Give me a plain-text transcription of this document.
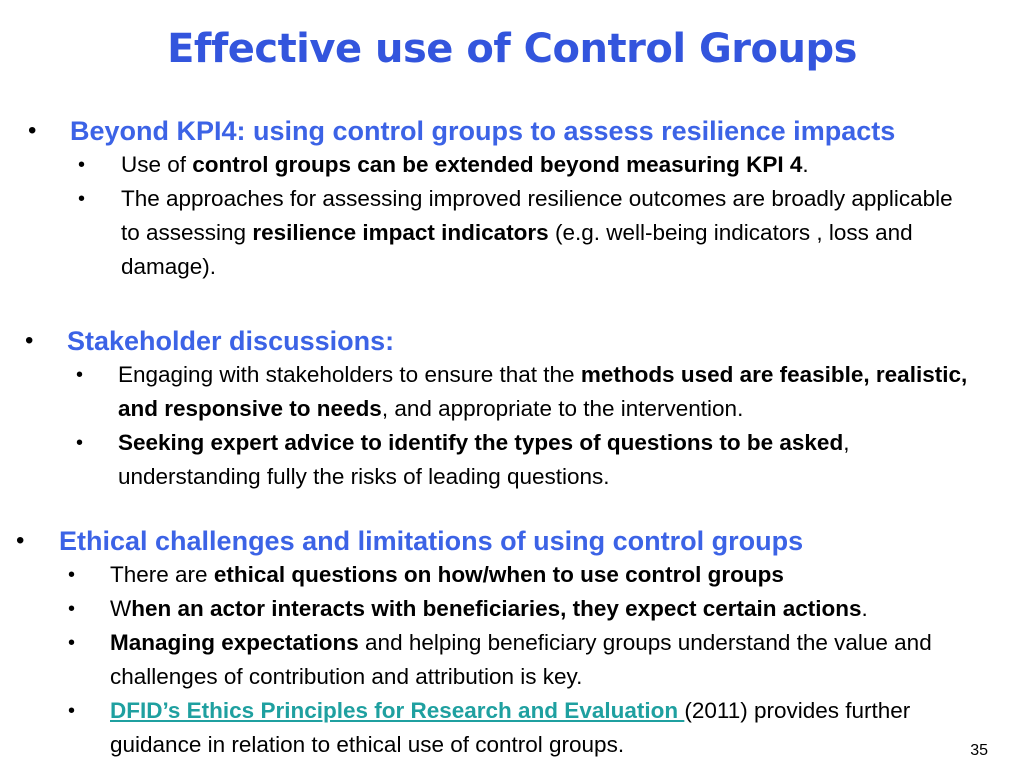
Effective use of Control Groups
• Beyond KPI4: using control groups to assess resilience impacts
• Use of control groups can be extended beyond measuring KPI 4.
• The approaches for assessing improved resilience outcomes are broadly applicable to assessing resilience impact indicators (e.g. well-being indicators , loss and damage).
• Stakeholder discussions:
• Engaging with stakeholders to ensure that the methods used are feasible, realistic, and responsive to needs, and appropriate to the intervention.
• Seeking expert advice to identify the types of questions to be asked, understanding fully the risks of leading questions.
• Ethical challenges and limitations of using control groups
• There are ethical questions on how/when to use control groups
• When an actor interacts with beneficiaries, they expect certain actions.
• Managing expectations and helping beneficiary groups understand the value and challenges of contribution and attribution is key.
• DFID’s Ethics Principles for Research and Evaluation (2011) provides further guidance in relation to ethical use of control groups.	35
